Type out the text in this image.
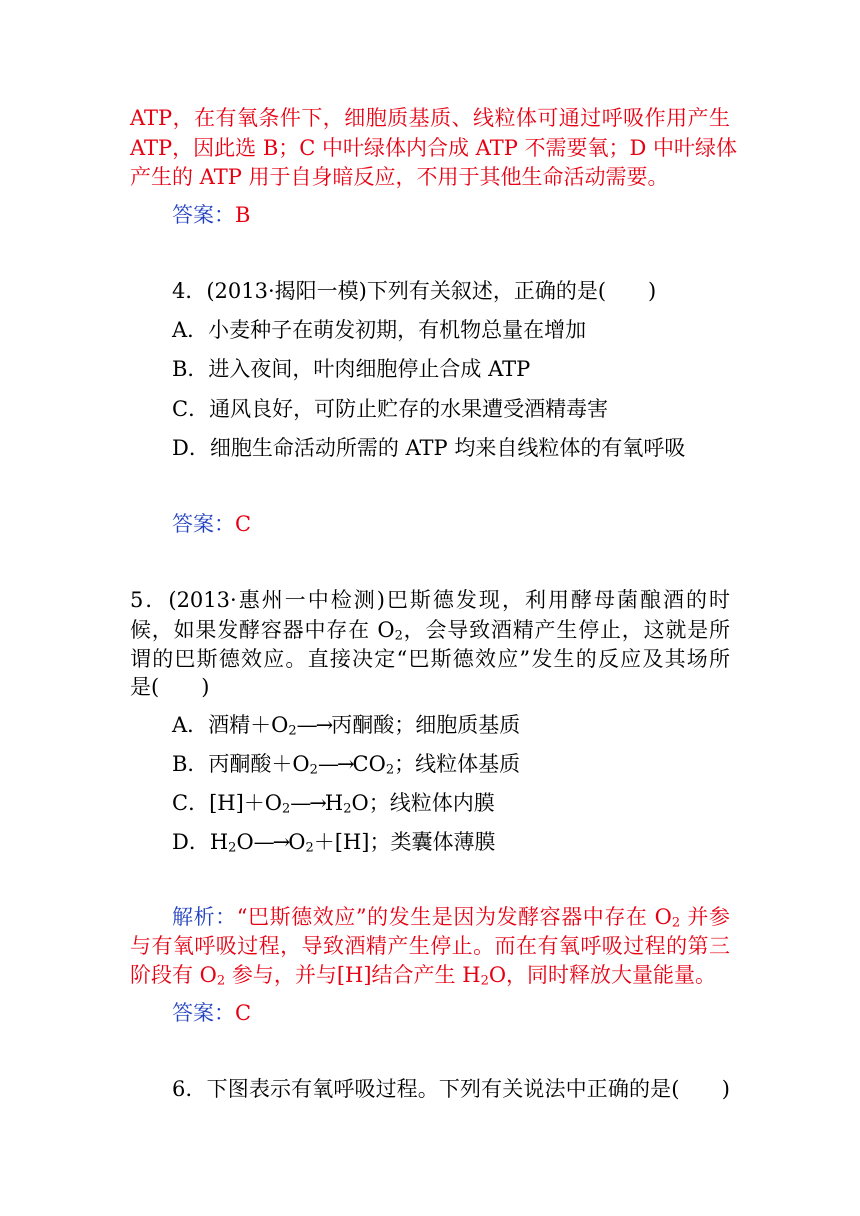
ATP，在有氧条件下，细胞质基质、线粒体可通过呼吸作用产生
ATP，因此选 B；C 中叶绿体内合成 ATP 不需要氧；D 中叶绿体
产生的 ATP 用于自身暗反应，不用于其他生命活动需要。
答案：B
4．(2013·揭阳一模)下列有关叙述，正确的是(　　)
A．小麦种子在萌发初期，有机物总量在增加
B．进入夜间，叶肉细胞停止合成 ATP
C．通风良好，可防止贮存的水果遭受酒精毒害
D．细胞生命活动所需的 ATP 均来自线粒体的有氧呼吸
答案：C
5．(2013·惠州一中检测)巴斯德发现，利用酵母菌酿酒的时
候，如果发酵容器中存在 $O_2$，会导致酒精产生停止，这就是所
谓的巴斯德效应。直接决定“巴斯德效应”发生的反应及其场所
是(　　)
A．酒精$+O_2—\to$丙酮酸；细胞质基质
B．丙酮酸$+O_2—\to CO_2$；线粒体基质
C．$[H]+O_2—\to H_2O$；线粒体内膜
D．$H_2O—\to O_2+[H]$；类囊体薄膜
解析：“巴斯德效应”的发生是因为发酵容器中存在 $O_2$ 并参
与有氧呼吸过程，导致酒精产生停止。而在有氧呼吸过程的第三
阶段有 $O_2$ 参与，并与[H]结合产生 $H_2O$，同时释放大量能量。
答案：C
6．下图表示有氧呼吸过程。下列有关说法中正确的是(　　)
